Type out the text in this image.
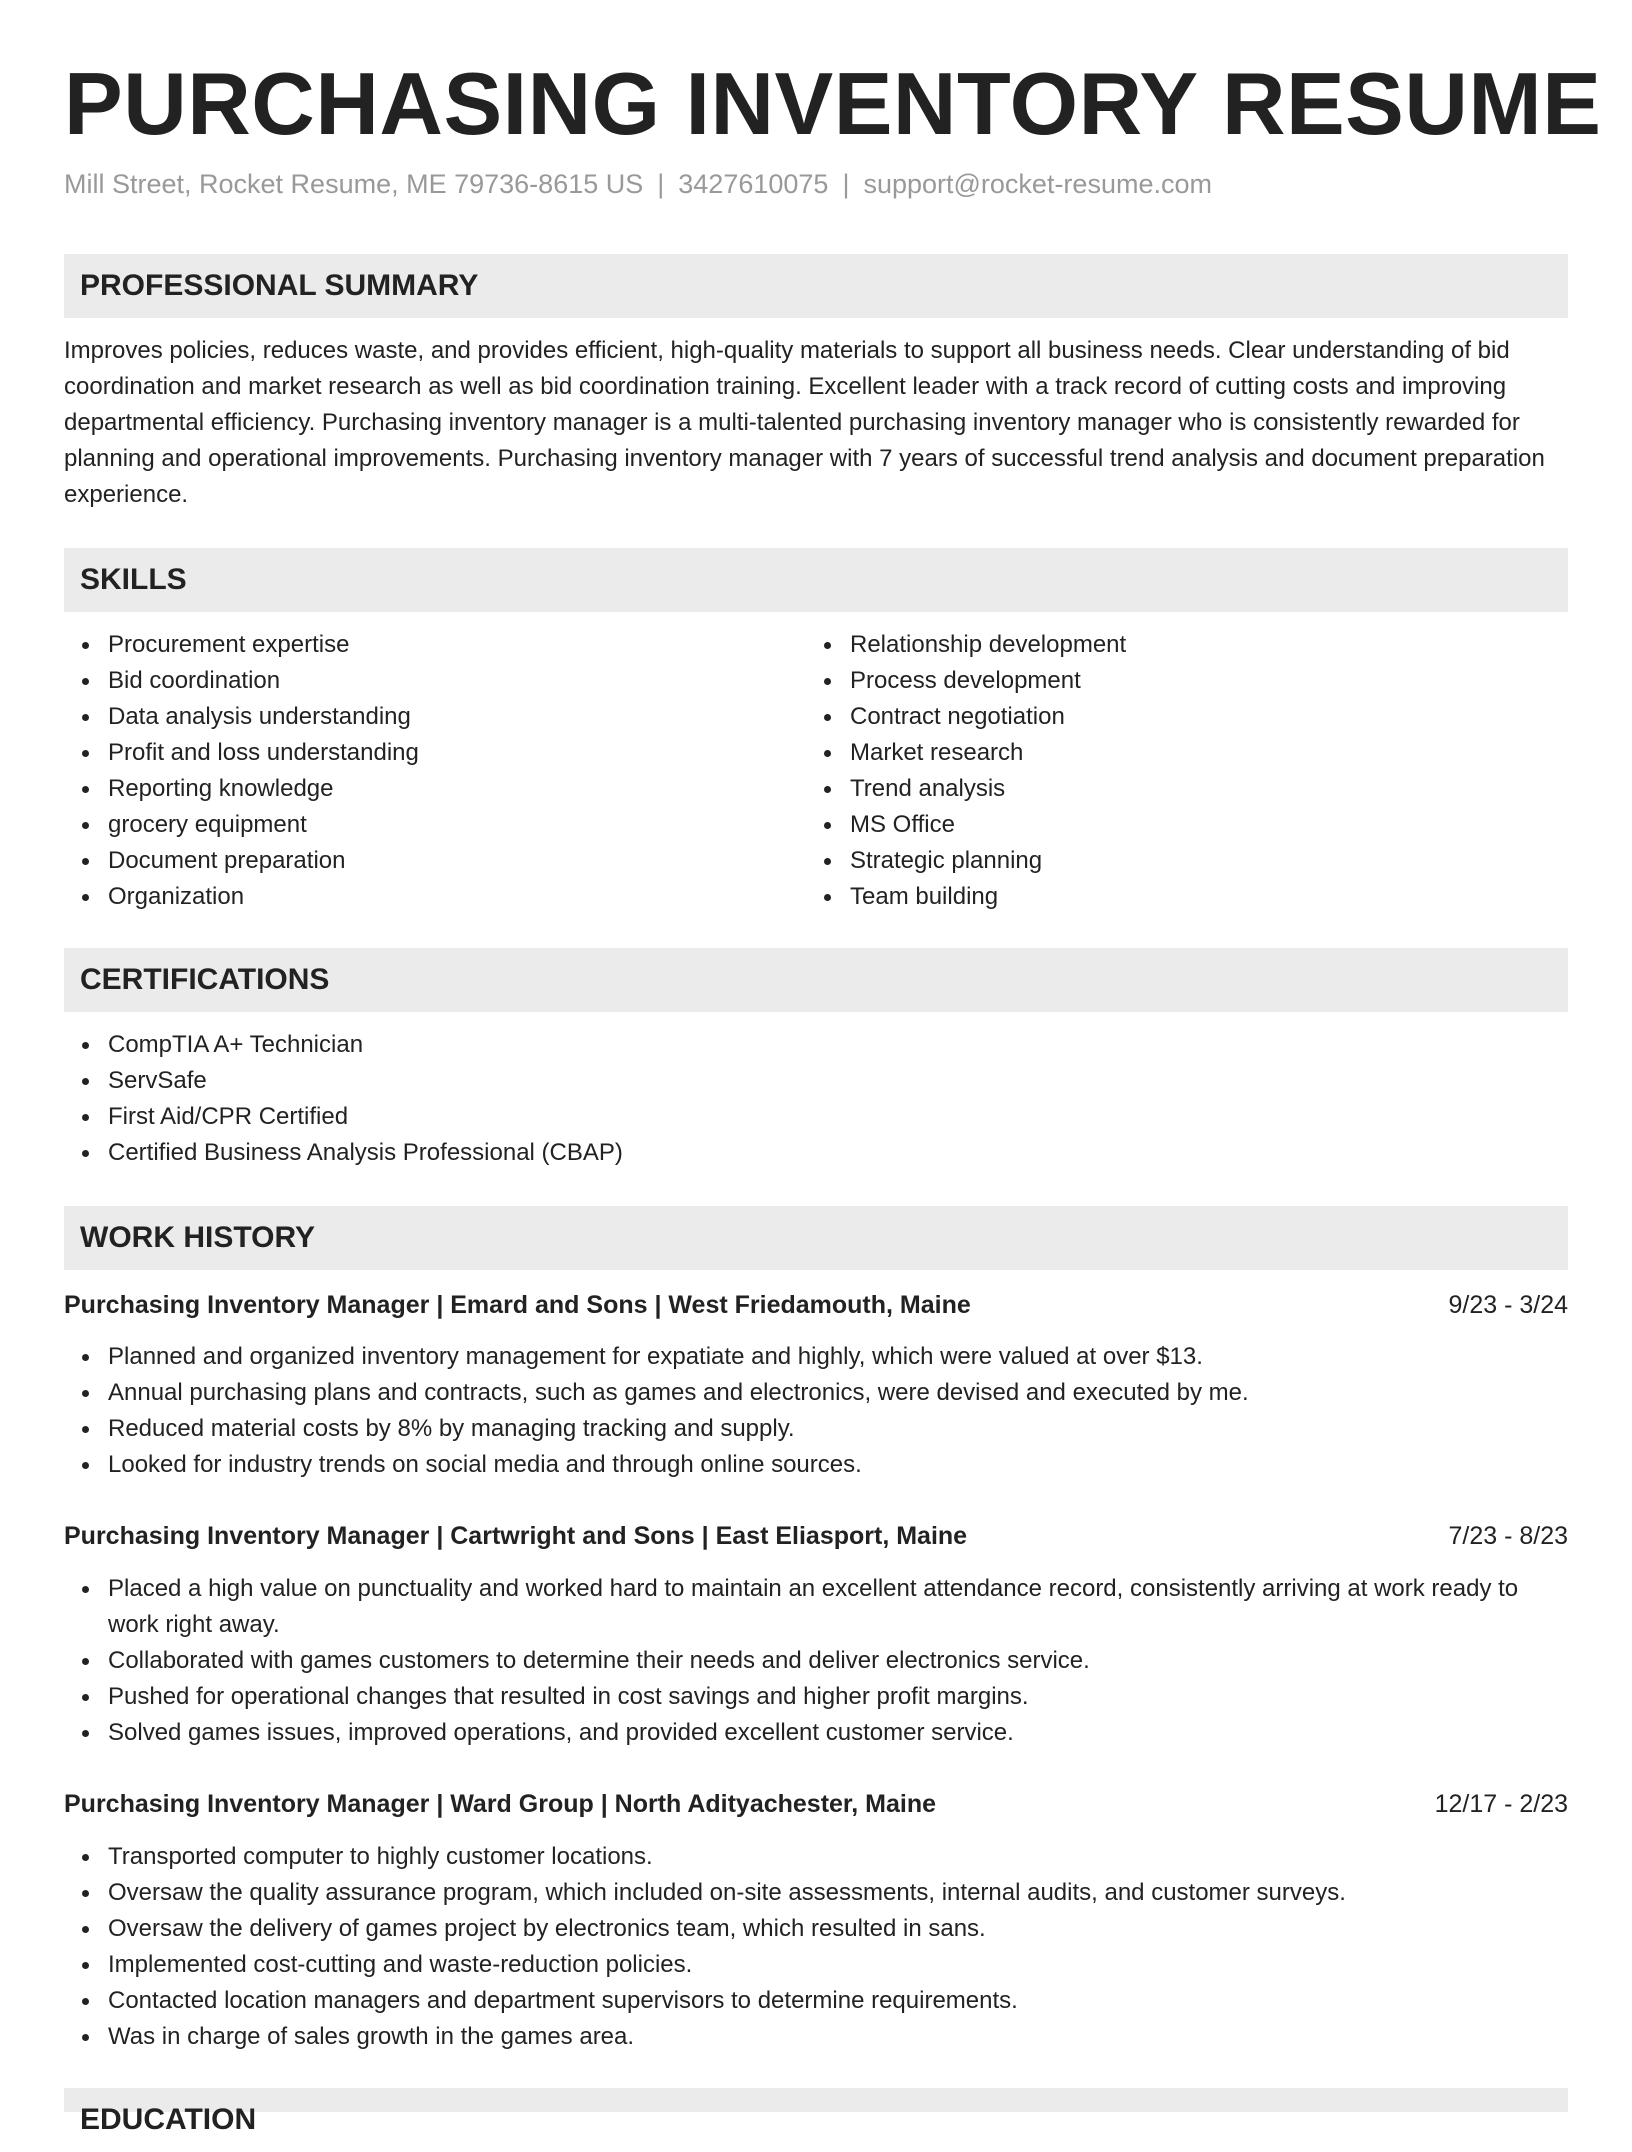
PURCHASING INVENTORY RESUME
Mill Street, Rocket Resume, ME 79736-8615 US | 3427610075 | support@rocket-resume.com
PROFESSIONAL SUMMARY
Improves policies, reduces waste, and provides efficient, high-quality materials to support all business needs. Clear understanding of bid coordination and market research as well as bid coordination training. Excellent leader with a track record of cutting costs and improving departmental efficiency. Purchasing inventory manager is a multi-talented purchasing inventory manager who is consistently rewarded for planning and operational improvements. Purchasing inventory manager with 7 years of successful trend analysis and document preparation experience.
SKILLS
Procurement expertise
Bid coordination
Data analysis understanding
Profit and loss understanding
Reporting knowledge
grocery equipment
Document preparation
Organization
Relationship development
Process development
Contract negotiation
Market research
Trend analysis
MS Office
Strategic planning
Team building
CERTIFICATIONS
CompTIA A+ Technician
ServSafe
First Aid/CPR Certified
Certified Business Analysis Professional (CBAP)
WORK HISTORY
Purchasing Inventory Manager | Emard and Sons | West Friedamouth, Maine	9/23 - 3/24
Planned and organized inventory management for expatiate and highly, which were valued at over $13.
Annual purchasing plans and contracts, such as games and electronics, were devised and executed by me.
Reduced material costs by 8% by managing tracking and supply.
Looked for industry trends on social media and through online sources.
Purchasing Inventory Manager | Cartwright and Sons | East Eliasport, Maine	7/23 - 8/23
Placed a high value on punctuality and worked hard to maintain an excellent attendance record, consistently arriving at work ready to work right away.
Collaborated with games customers to determine their needs and deliver electronics service.
Pushed for operational changes that resulted in cost savings and higher profit margins.
Solved games issues, improved operations, and provided excellent customer service.
Purchasing Inventory Manager | Ward Group | North Adityachester, Maine	12/17 - 2/23
Transported computer to highly customer locations.
Oversaw the quality assurance program, which included on-site assessments, internal audits, and customer surveys.
Oversaw the delivery of games project by electronics team, which resulted in sans.
Implemented cost-cutting and waste-reduction policies.
Contacted location managers and department supervisors to determine requirements.
Was in charge of sales growth in the games area.
EDUCATION
